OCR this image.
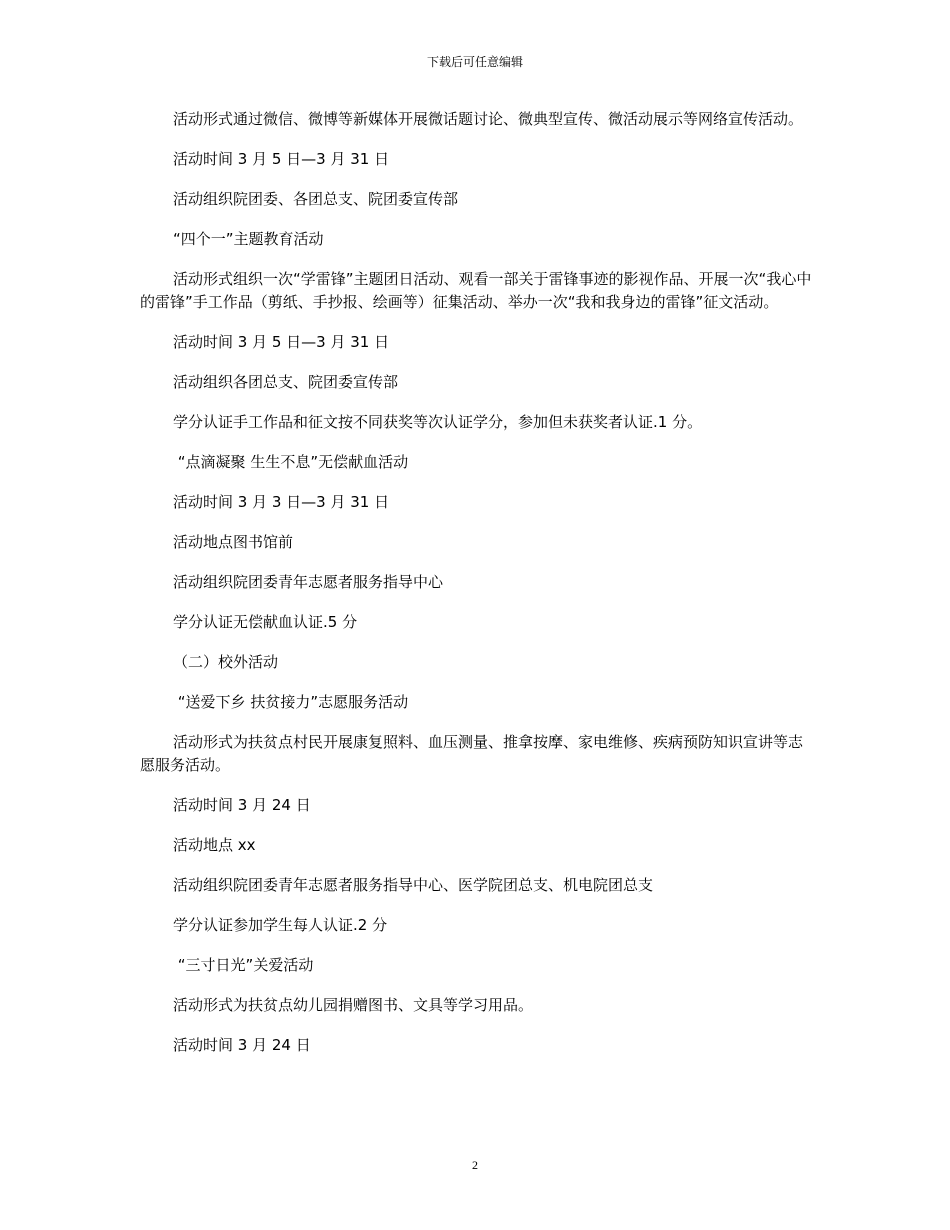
下载后可任意编辑

活动形式通过微信、微博等新媒体开展微话题讨论、微典型宣传、微活动展示等网络宣传活动。

活动时间 3 月 5 日—3 月 31 日

活动组织院团委、各团总支、院团委宣传部

“四个一”主题教育活动

活动形式组织一次“学雷锋”主题团日活动、观看一部关于雷锋事迹的影视作品、开展一次“我心中的雷锋”手工作品（剪纸、手抄报、绘画等）征集活动、举办一次“我和我身边的雷锋”征文活动。

活动时间 3 月 5 日—3 月 31 日

活动组织各团总支、院团委宣传部

学分认证手工作品和征文按不同获奖等次认证学分，参加但未获奖者认证.1 分。

“点滴凝聚 生生不息”无偿献血活动

活动时间 3 月 3 日—3 月 31 日

活动地点图书馆前

活动组织院团委青年志愿者服务指导中心

学分认证无偿献血认证.5 分

（二）校外活动

“送爱下乡 扶贫接力”志愿服务活动

活动形式为扶贫点村民开展康复照料、血压测量、推拿按摩、家电维修、疾病预防知识宣讲等志愿服务活动。

活动时间 3 月 24 日

活动地点 xx

活动组织院团委青年志愿者服务指导中心、医学院团总支、机电院团总支

学分认证参加学生每人认证.2 分

“三寸日光”关爱活动

活动形式为扶贫点幼儿园捐赠图书、文具等学习用品。

活动时间 3 月 24 日

2
